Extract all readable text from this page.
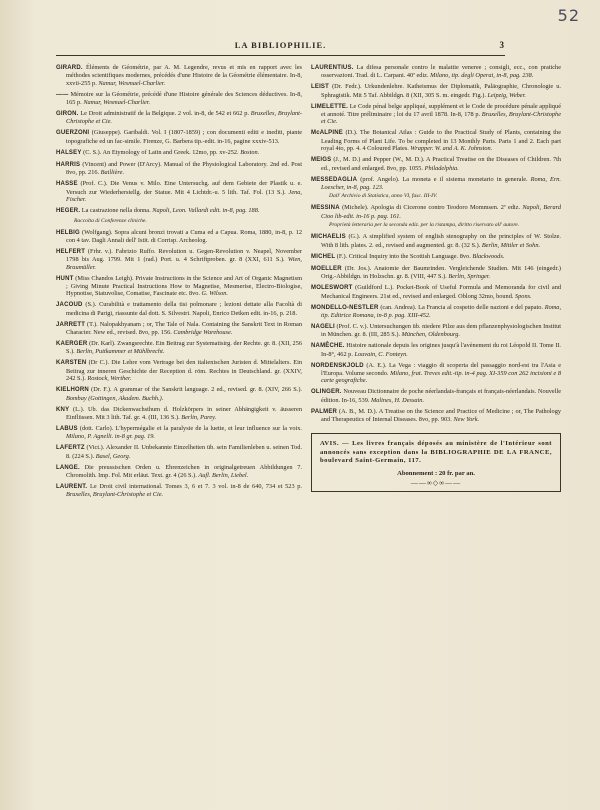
52
LA BIBLIOPHILIE.	3
GIRARD. Éléments de Géométrie, par A. M. Legendre, revus et mis en rapport avec les méthodes scientifiques modernes, précédés d'une Histoire de la Géométrie élémentaire. In-8, xxvii-255 p. Namur, Wesmael-Charlier.
—— Mémoire sur la Géométrie, précédé d'une Histoire générale des Sciences déductives. In-8, 165 p. Namur, Wesmael-Charlier.
GIRON. Le Droit administratif de la Belgique. 2 vol. in-8, de 542 et 662 p. Bruxelles, Bruylant-Christophe et Cie.
GUERZONI (Giuseppe). Garibaldi. Vol. I (1807-1859) ; con documenti editi e inediti, piante topografiche ed un fac-simile. Firenze, G. Barbera tip.-edit. in-16, pagine xxxiv-513.
HALSEY (C. S.). An Etymology of Latin and Greek. 12mo, pp. xv-252. Boston.
HARRIS (Vincent) and Power (D'Arcy). Manual of the Physiological Laboratory. 2nd ed. Post 8vo, pp. 216. Baillière.
HASSE (Prof. C.). Die Venus v. Milo. Eine Untersuchg. auf dem Gebiete der Plastik u. e. Versuch zur Wiederherstellg. der Statue. Mit 4 Lichtdr.-u. 5 lith. Taf. Fol. (13 S.). Jena, Fischer.
HEGER. La castrazione nella donna. Napoli, Leon. Vallardi edit. in-8, pag. 188.
Raccolta di Conferenze cliniche.
HELBIG (Wolfgang). Sopra alcuni bronzi trovati a Cuma ed a Capua. Roma, 1880, in-8, p. 12 con 4 tav. Dagli Annali dell' Istit. di Corrisp. Archeolog.
HELFERT (Frhr. v.). Fabrizio Ruffo. Revolution u. Gegen-Revolution v. Neapel, November 1798 bis Aug. 1799. Mit 1 (rad.) Port. u. 4 Schriftproben. gr. 8 (XXI, 611 S.). Wien, Braumüller.
HUNT (Miss Chandos Leigh). Private Instructions in the Science and Art of Organic Magnetism ; Giving Minute Practical Instructions How to Magnetise, Mesmerise, Electro-Biologise, Hypnotise, Statuvolise, Comatise, Fascinate etc. 8vo. G. Wilson.
JACOUD (S.). Curabilità e trattamento della tisi polmonare ; lezioni dettate alla Facoltà di medicina di Parigi, riassunte dal dott. S. Silvestri. Napoli, Enrico Detken edit. in-16, p. 218.
JARRETT (T.). Nalopakhyanam ; or, The Tale of Nala. Containing the Sanskrit Text in Roman Character. New ed., revised. 8vo, pp. 156. Cambridge Warehouse.
KAERGER (Dr. Karl). Zwangsrechte. Ein Beitrag zur Systematisirg. der Rechte. gr. 8. (XII, 256 S.). Berlin, Puttkammer et Mühlbrecht.
KARSTEN (Dr C.). Die Lehre vom Vertrage bei den italienischen Juristen d. Mittelalters. Ein Beitrag zur inneren Geschichte der Reception d. röm. Rechtes in Deutschland. gr. (XXIV, 242 S.). Rostock, Werther.
KIELHORN (Dr. F.). A grammar of the Sanskrit language. 2 ed., revised. gr. 8. (XIV, 266 S.). Bombay (Gottingen, Akadem. Buchh.).
KNY (L.). Ub. das Dickenwachsthum d. Holzkörpers in seiner Abhängigkeit v. äusseren Einflüssen. Mit 3 lith. Taf. gr. 4. (III, 136 S.). Berlin, Parey.
LABUS (dott. Carlo). L'hypermégalie et la paralysie de la luette, et leur influence sur la voix. Milano, P. Agnelli. in-8 gr. pag. 19.
LAFERTZ (Vict.). Alexander II. Unbekannte Einzelheiten üb. sein Familienleben u. seinen Tod. 8. (224 S.). Basel, Georg.
LANGE. Die preussischen Orden u. Ehrenzeichen in originalgetreuen Abbildungen 7. Chromolith. Imp. Fol. Mit erläut. Text. gr. 4 (26 S.). Aufl. Berlin, Liebel.
LAURENT. Le Droit civil international. Tomes 3, 6 et 7. 3 vol. in-8 de 640, 734 et 523 p. Bruxelles, Bruylant-Christophe et Cie.
LAURENTIUS. La difesa personale contro le malattie veneree ; consigli, ecc., con pratiche osservazioni. Trad. di L. Carpani. 40ª ediz. Milano, tip. degli Operai, in-8, pag. 238.
LEIST (Dr. Fedr.). Urkundenlehre. Katheismus der Diplomatik, Paläographie, Chronologie u. Sphragistik. Mit 5 Taf. Abbildgn. 8 (XII, 305 S. m. eingedr. Fig.). Leipzig, Weber.
LIMELETTE. Le Code pénal belge appliqué, supplément et le Code de procédure pénale appliqué et annoté. Titre préliminaire ; loi du 17 avril 1878. In-8, 178 p. Bruxelles, Bruylant-Christophe et Cie.
McALPINE (D.). The Botanical Atlas : Guide to the Practical Study of Plants, containing the Leading Forms of Plant Life. To be completed in 13 Monthly Parts. Parts 1 and 2. Each part royal 4to, pp. 4. 4 Coloured Plates. Wrapper. W. and A. K. Johnston.
MEIGS (J., M. D.) and Pepper (W., M. D.). A Practical Treatise on the Diseases of Children. 7th ed., revised and enlarged. 8vo, pp. 1055. Philadelphia.
MESSEDAGLIA (prof. Angelo). La moneta e il sistema monetario in generale. Roma, Ern. Loescher, in-8, pag. 123.
Dall' Archivio di Statistica, anno VI, fasc. III-IV.
MESSINA (Michele). Apologia di Cicerone contro Teodoro Mommsen. 2ª ediz. Napoli, Berard Cioo lib-edit. in-16 p. pag. 161.
Proprietà letteraria per la seconda ediz. per la ristampa, diritto riservato all' autore.
MICHAELIS (G.). A simplified system of english stenography on the principles of W. Stolze. With 8 lith. plates. 2. ed., revised and augmented. gr. 8. (32 S.). Berlin, Mittler et Sohn.
MICHEL (F.). Critical Inquiry into the Scottish Language. 8vo. Blackwoods.
MOELLER (Dr. Jos.). Anatomie der Baumrinden. Vergleichende Studien. Mit 146 (eingedr.) Orig.-Abbildgn. in Holzschn. gr. 8. (VIII, 447 S.). Berlin, Springer.
MOLESWORT (Guildford L.). Pocket-Book of Useful Formula and Memoranda for civil and Mechanical Engineers. 21st ed., revised and enlarged. Oblong 32mo, bound. Spons.
MONDELLO-NESTLER (can. Andrea). La Francia al cospetto delle nazioni e del papato. Roma, tip. Editrice Romana, in-8 p. pag. XIII-452.
NAGELI (Prof. C. v.). Untersuchungen üb. niedere Pilze aus dem pflanzenphysiologischen Institut in München. gr. 8. (III, 285 S.). München, Oldenbourg.
NAMÊCHE. Histoire nationale depuis les origines jusqu'à l'avènement du roi Léopold II. Tome II. In-8°, 462 p. Louvain, C. Fonteyn.
NORDENSKJOLD (A. E.). La Vega : viaggio di scoperta del passaggio nord-est tra l'Asia e l'Europa. Volume secondo. Milano, frat. Treves edit.-tip. in-4 pag. XI-359 con 262 incisioni e 8 carte geografiche.
OLINGER. Nouveau Dictionnaire de poche néerlandais-français et français-néerlandais. Nouvelle édition. In-16, 539. Malines, H. Dessain.
PALMER (A. B., M. D.). A Treatise on the Science and Practice of Medicine ; or, The Pathology and Therapeutics of Internal Diseases. 8vo, pp. 903. New York.
AVIS. — Les livres français déposés au ministère de l'Intérieur sont annoncés sans exception dans la BIBLIOGRAPHIE DE LA FRANCE, boulevard Saint-Germain, 117.
Abonnement : 20 fr. par an.
——∞◇∞——
